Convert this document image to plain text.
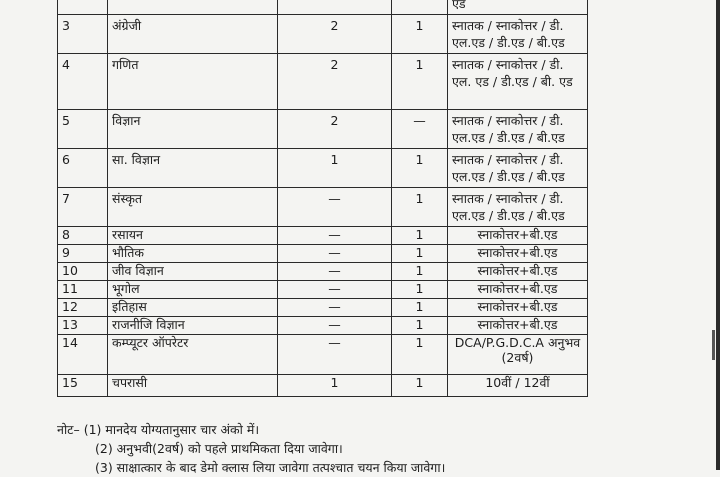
				एड
3	अंग्रेजी	2	1	स्नातक / स्नाकोत्तर / डी. एल.एड / डी.एड / बी.एड
4	गणित	2	1	स्नातक / स्नाकोत्तर / डी. एल. एड / डी.एड / बी. एड
5	विज्ञान	2	—	स्नातक / स्नाकोत्तर / डी. एल.एड / डी.एड / बी.एड
6	सा. विज्ञान	1	1	स्नातक / स्नाकोत्तर / डी. एल.एड / डी.एड / बी.एड
7	संस्कृत	—	1	स्नातक / स्नाकोत्तर / डी. एल.एड / डी.एड / बी.एड
8	रसायन	—	1	स्नाकोत्तर+बी.एड
9	भौतिक	—	1	स्नाकोत्तर+बी.एड
10	जीव विज्ञान	—	1	स्नाकोत्तर+बी.एड
11	भूगोल	—	1	स्नाकोत्तर+बी.एड
12	इतिहास	—	1	स्नाकोत्तर+बी.एड
13	राजनीजि विज्ञान	—	1	स्नाकोत्तर+बी.एड
14	कम्प्यूटर ऑपरेटर	—	1	DCA/P.G.D.C.A अनुभव (2वर्ष)
15	चपरासी	1	1	10वीं / 12वीं
नोट– (1) मानदेय योग्यतानुसार चार अंको में।
(2) अनुभवी(2वर्ष) को पहले प्राथमिकता दिया जावेगा।
(3) साक्षात्कार के बाद डेमो क्लास लिया जावेगा तत्पश्चात चयन किया जावेगा।
